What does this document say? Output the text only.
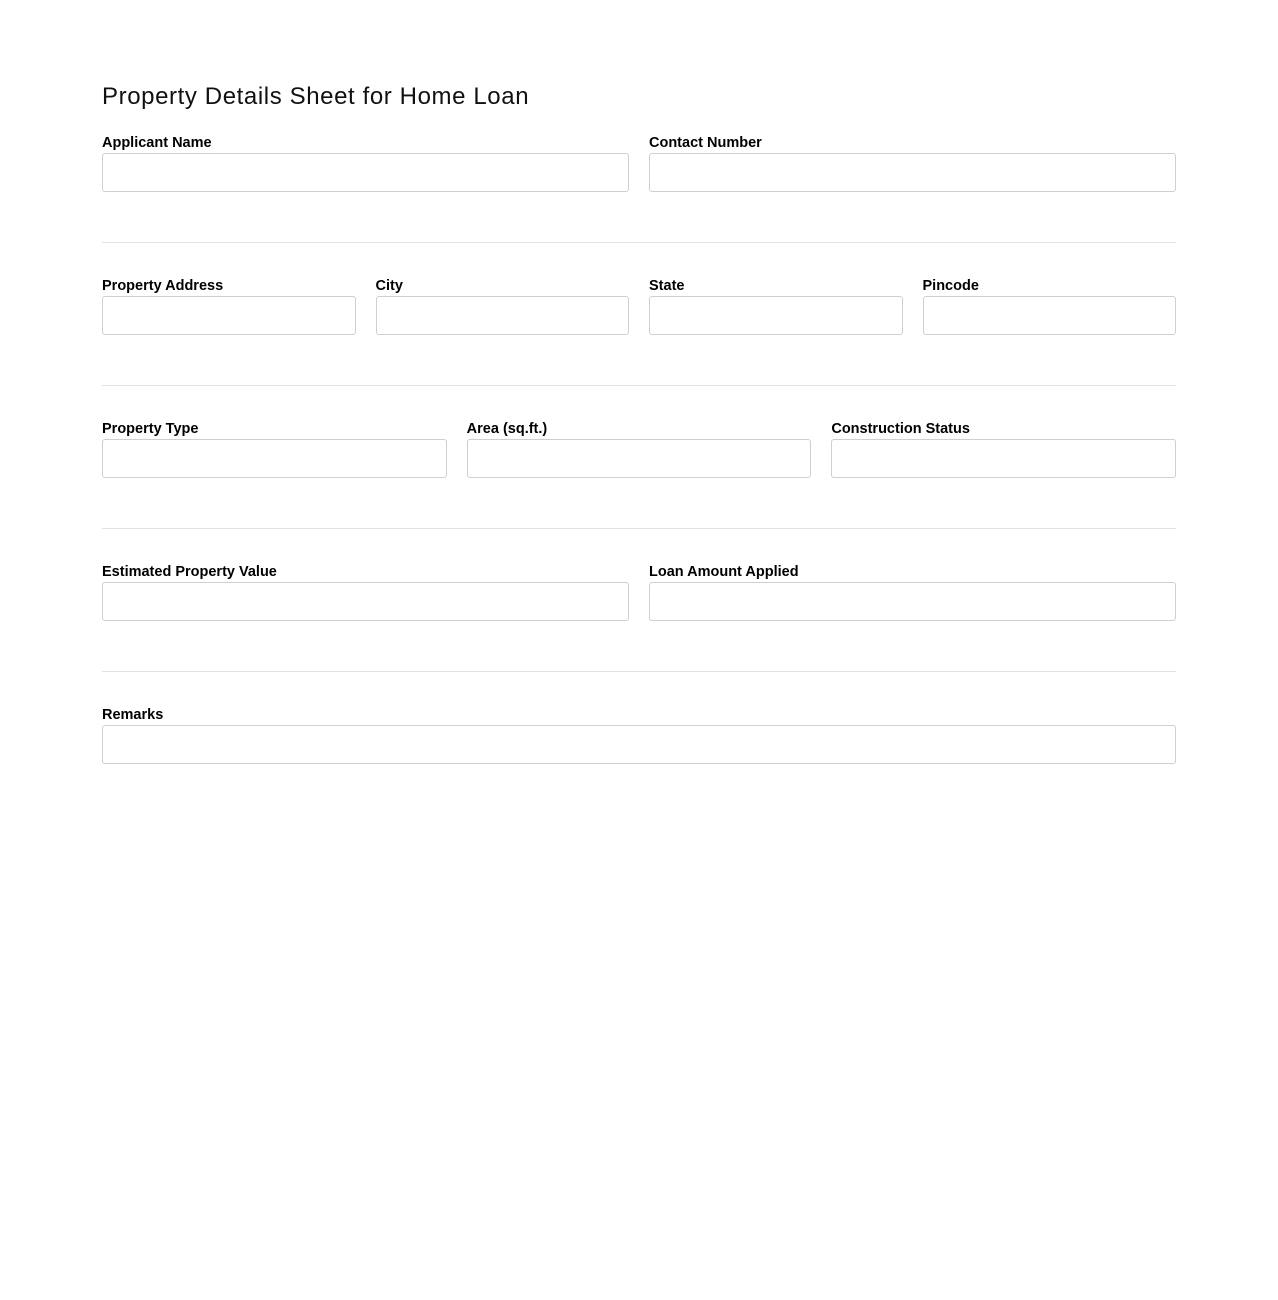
Property Details Sheet for Home Loan
Applicant Name	Contact Number
Property Address	City	State	Pincode
Property Type	Area (sq.ft.)	Construction Status
Estimated Property Value	Loan Amount Applied
Remarks
